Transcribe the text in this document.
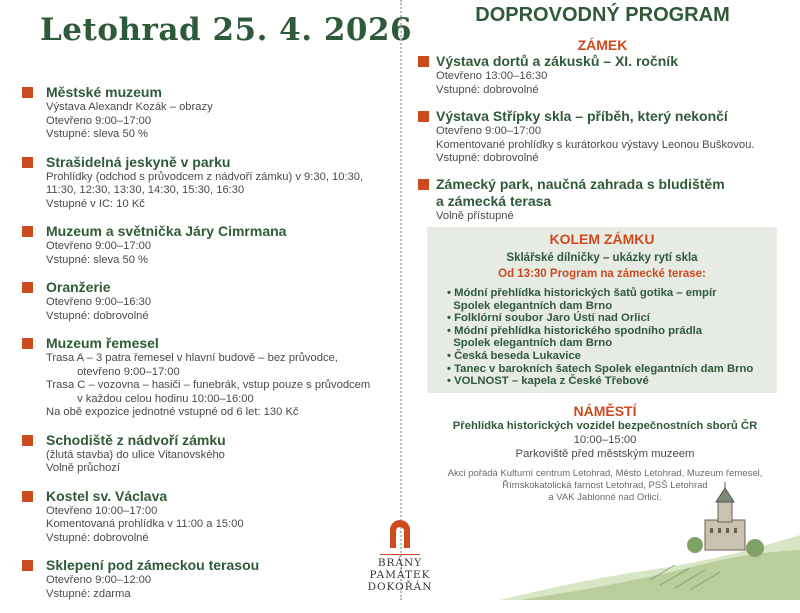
Letohrad 25. 4. 2026
Městské muzeum
Výstava Alexandr Kozák – obrazy
Otevřeno 9:00–17:00
Vstupné: sleva 50 %
Strašidelná jeskyně v parku
Prohlídky (odchod s průvodcem z nádvoří zámku) v 9:30, 10:30,
11:30, 12:30, 13:30, 14:30, 15:30, 16:30
Vstupné v IC: 10 Kč
Muzeum a světnička Járy Cimrmana
Otevřeno 9:00–17:00
Vstupné: sleva 50 %
Oranžerie
Otevřeno 9:00–16:30
Vstupné: dobrovolné
Muzeum řemesel
Trasa A – 3 patra řemesel v hlavní budově – bez průvodce,
otevřeno 9:00–17:00
Trasa C – vozovna – hasiči – funebrák, vstup pouze s průvodcem
v každou celou hodinu 10:00–16:00
Na obě expozice jednotné vstupné od 6 let: 130 Kč
Schodiště z nádvoří zámku
(žlutá stavba) do ulice Vitanovského
Volně průchozí
Kostel sv. Václava
Otevřeno 10:00–17:00
Komentovaná prohlídka v 11:00 a 15:00
Vstupné: dobrovolné
Sklepení pod zámeckou terasou
Otevřeno 9:00–12:00
Vstupné: zdarma
DOPROVODNÝ PROGRAM
ZÁMEK
Výstava dortů a zákusků – XI. ročník
Otevřeno 13:00–16:30
Vstupné: dobrovolné
Výstava Střípky skla – příběh, který nekončí
Otevřeno 9:00–17:00
Komentované prohlídky s kurátorkou výstavy Leonou Buškovou.
Vstupné: dobrovolné
Zámecký park, naučná zahrada s bludištěm
a zámecká terasa
Volně přístupné
KOLEM ZÁMKU
Sklářské dílničky – ukázky rytí skla
Od 13:30 Program na zámecké terase:
• Módní přehlídka historických šatů gotika – empír
Spolek elegantních dam Brno
• Folklórní soubor Jaro Ústí nad Orlicí
• Módní přehlídka historického spodního prádla
Spolek elegantních dam Brno
• Česká beseda Lukavice
• Tanec v barokních šatech Spolek elegantních dam Brno
• VOLNOST – kapela z České Třebové
NÁMĚSTÍ
Přehlídka historických vozidel bezpečnostních sborů ČR
10:00–15:00
Parkoviště před městským muzeem
Akci pořádá Kulturní centrum Letohrad, Město Letohrad, Muzeum řemesel,
Římskokatolická farnost Letohrad, PSŠ Letohrad
a VAK Jablonné nad Orlicí.
BRÁNY
PAMÁTEK
DOKOŘÁN
